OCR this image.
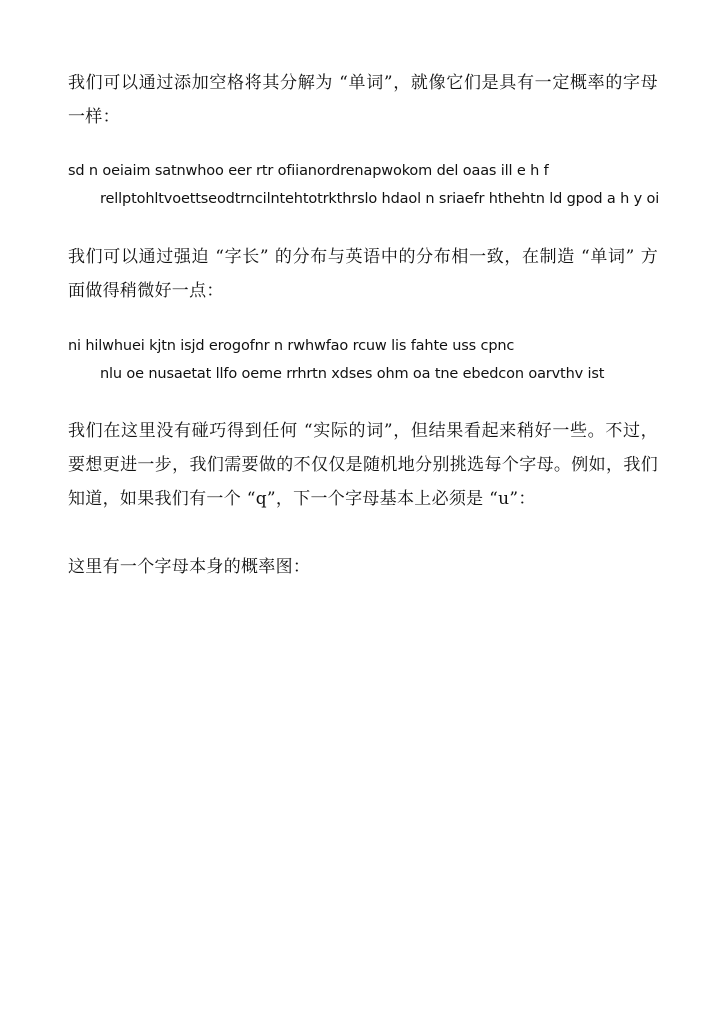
我们可以通过添加空格将其分解为 “单词”，就像它们是具有一定概率的字母一样：

sd n oeiaim satnwhoo eer rtr ofiianordrenapwokom del oaas ill e h f
rellptohltvoettseodtrncilntehtotrkthrslo hdaol n sriaefr hthehtn ld gpod a h y oi

我们可以通过强迫 “字长” 的分布与英语中的分布相一致，在制造 “单词” 方面做得稍微好一点：

ni hilwhuei kjtn isjd erogofnr n rwhwfao rcuw lis fahte uss cpnc
nlu oe nusaetat llfo oeme rrhrtn xdses ohm oa tne ebedcon oarvthv ist

我们在这里没有碰巧得到任何 “实际的词”，但结果看起来稍好一些。不过，要想更进一步，我们需要做的不仅仅是随机地分别挑选每个字母。例如，我们知道，如果我们有一个 “q”，下一个字母基本上必须是 “u”：

这里有一个字母本身的概率图：
